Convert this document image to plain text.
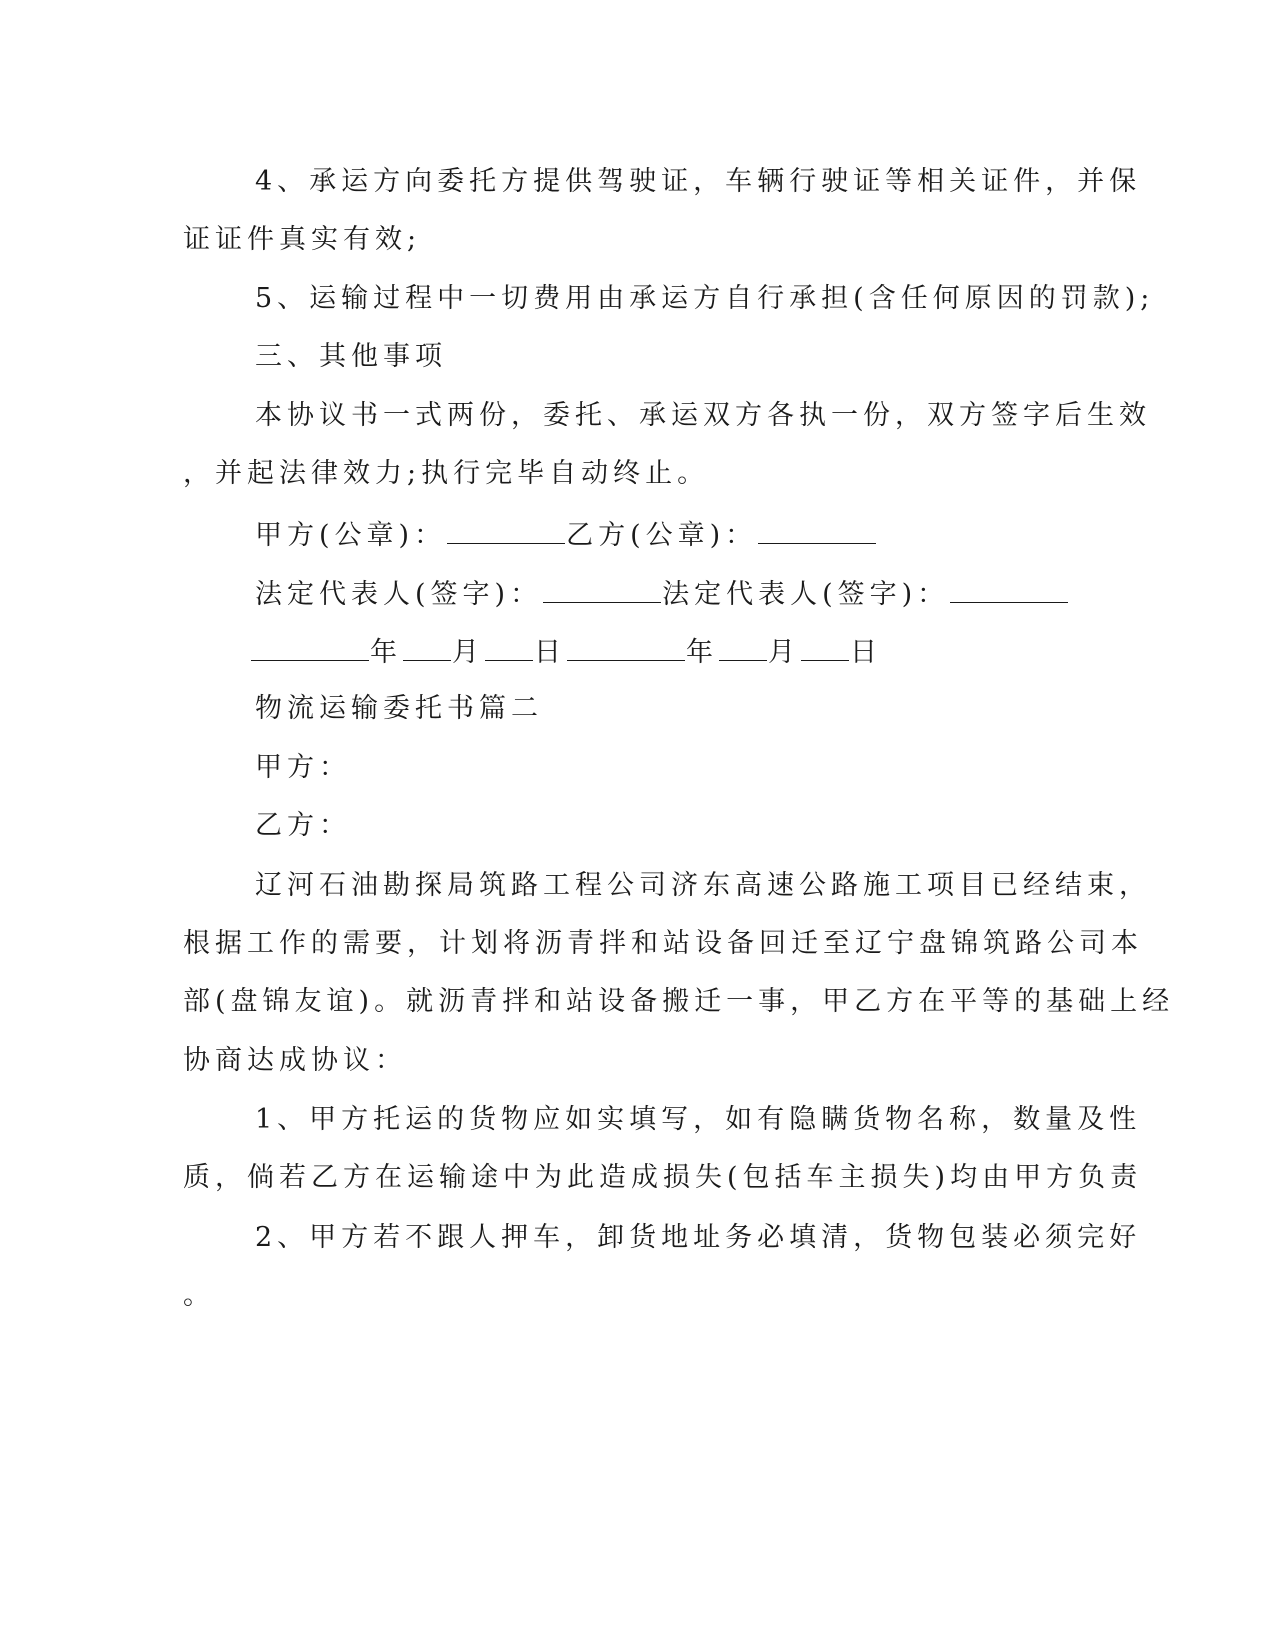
4、承运方向委托方提供驾驶证，车辆行驶证等相关证件，并保
证证件真实有效;
5、运输过程中一切费用由承运方自行承担(含任何原因的罚款);
三、其他事项
本协议书一式两份，委托、承运双方各执一份，双方签字后生效
，并起法律效力;执行完毕自动终止。
甲方(公章)：	乙方(公章)：
法定代表人(签字)：	法定代表人(签字)：
年 月 日	年 月 日
物流运输委托书篇二
甲方：
乙方：
辽河石油勘探局筑路工程公司济东高速公路施工项目已经结束，
根据工作的需要，计划将沥青拌和站设备回迁至辽宁盘锦筑路公司本
部(盘锦友谊)。就沥青拌和站设备搬迁一事，甲乙方在平等的基础上经
协商达成协议：
1、甲方托运的货物应如实填写，如有隐瞒货物名称，数量及性
质，倘若乙方在运输途中为此造成损失(包括车主损失)均由甲方负责
2、甲方若不跟人押车，卸货地址务必填清，货物包装必须完好
。
